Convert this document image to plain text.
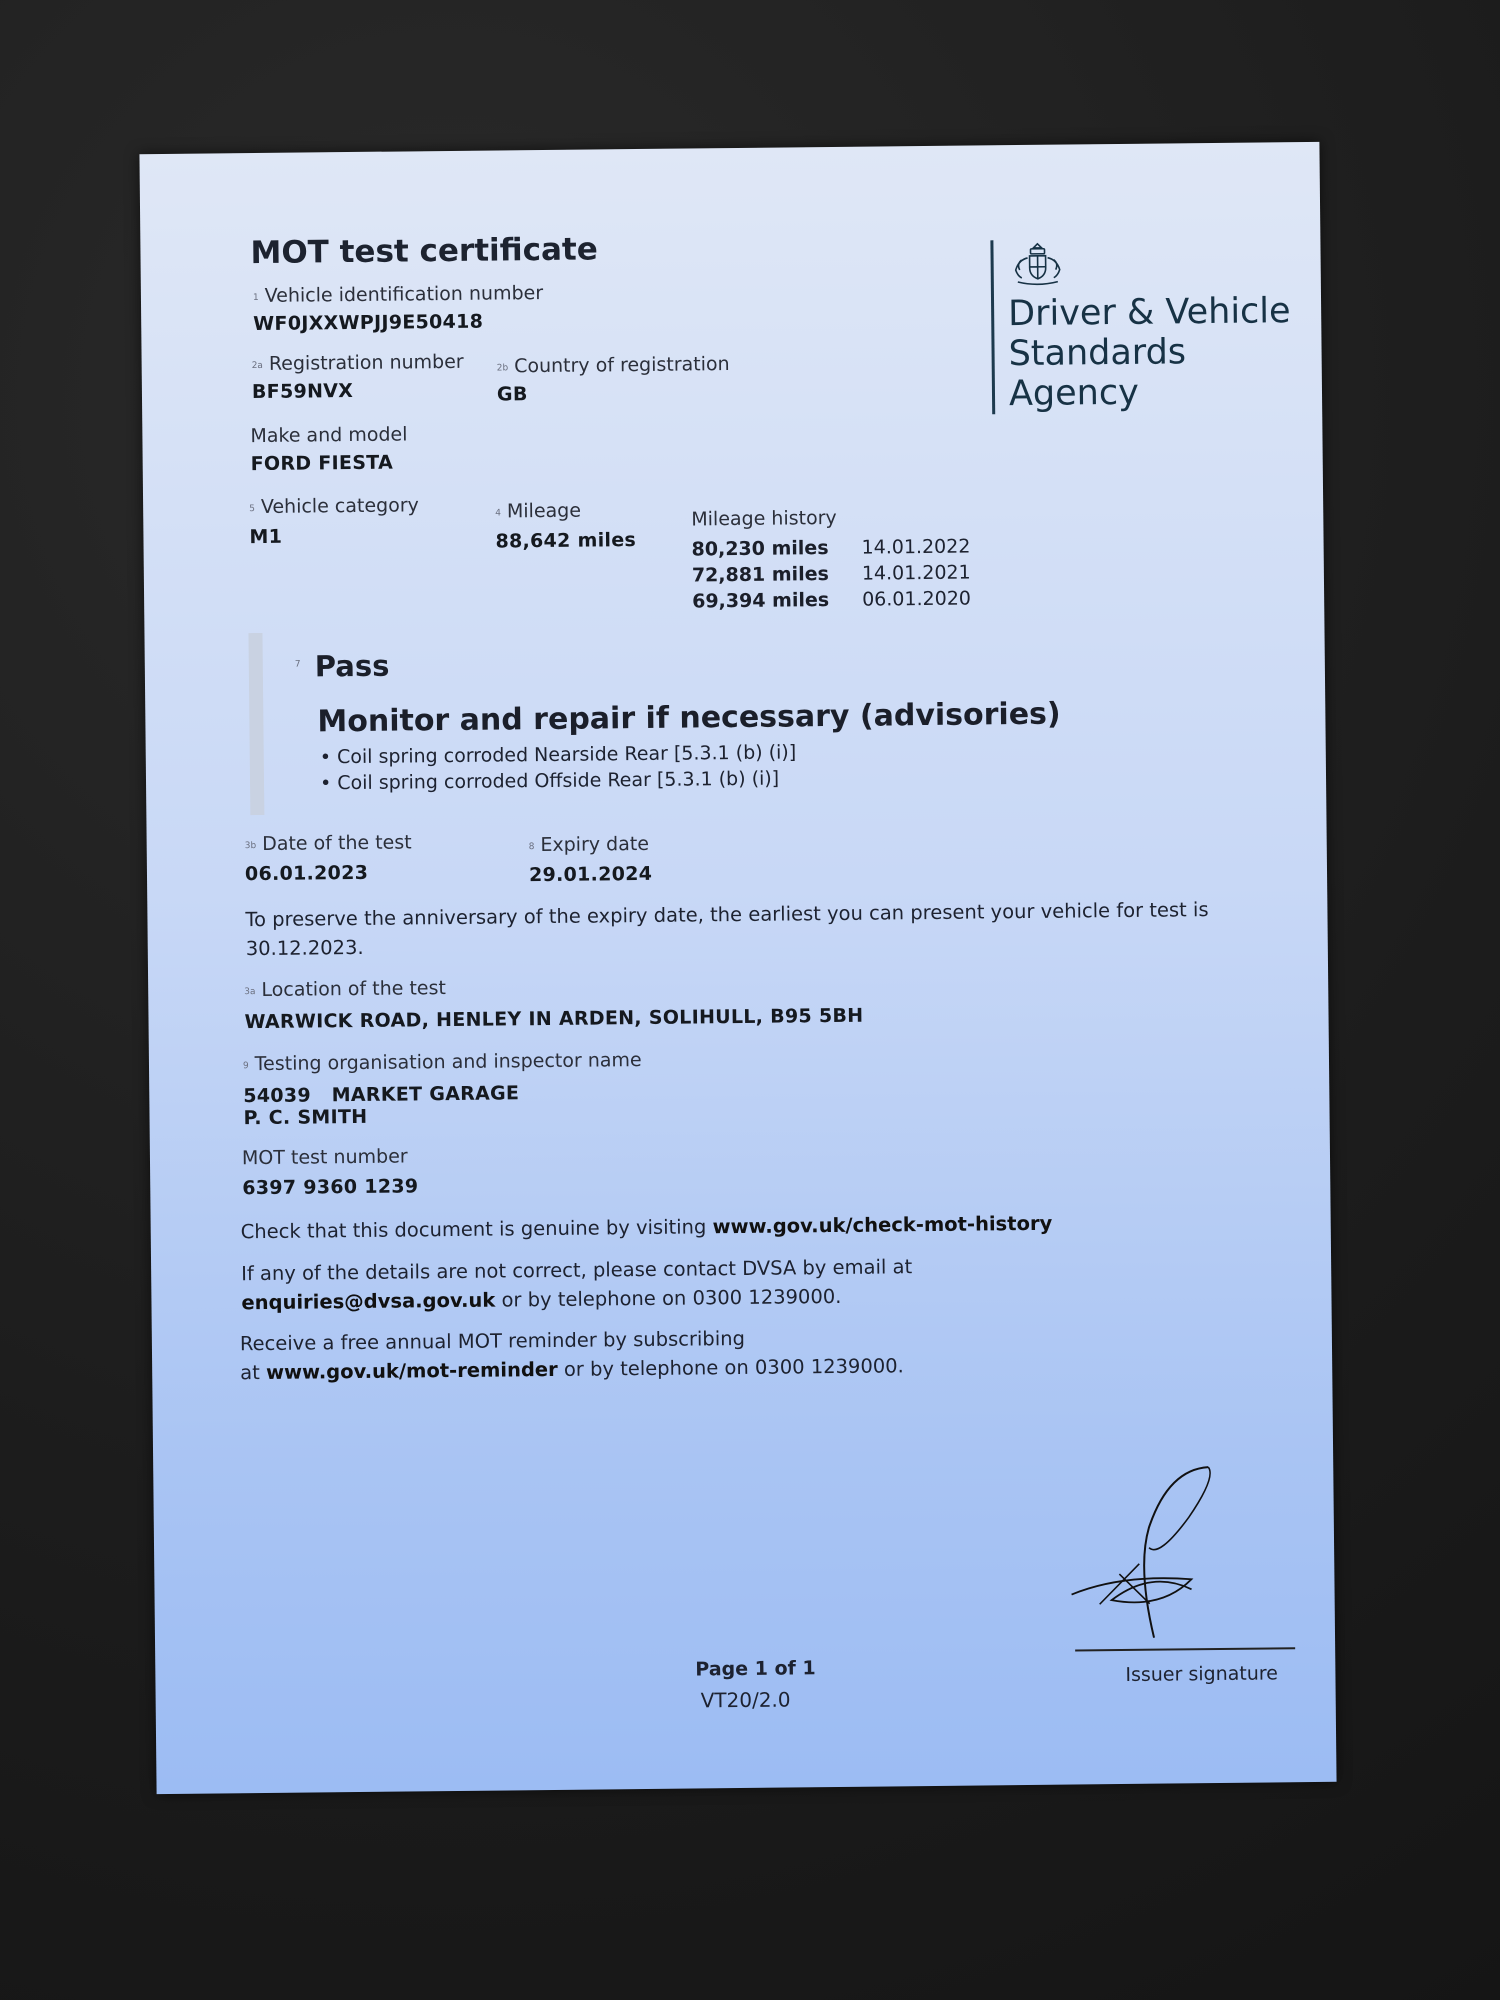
MOT test certificate
1 Vehicle identification number
WF0JXXWPJJ9E50418
2a Registration number
BF59NVX
2b Country of registration
GB
Make and model
FORD FIESTA
5 Vehicle category
M1
4 Mileage
88,642 miles
Mileage history
80,230 miles	14.01.2022
72,881 miles	14.01.2021
69,394 miles	06.01.2020
Driver & Vehicle
Standards
Agency
7 Pass
Monitor and repair if necessary (advisories)
• Coil spring corroded Nearside Rear [5.3.1 (b) (i)]
• Coil spring corroded Offside Rear [5.3.1 (b) (i)]
3b Date of the test
06.01.2023
8 Expiry date
29.01.2024
To preserve the anniversary of the expiry date, the earliest you can present your vehicle for test is
30.12.2023.
3a Location of the test
WARWICK ROAD, HENLEY IN ARDEN, SOLIHULL, B95 5BH
9 Testing organisation and inspector name
54039   MARKET GARAGE
P. C. SMITH
MOT test number
6397 9360 1239
Check that this document is genuine by visiting www.gov.uk/check-mot-history
If any of the details are not correct, please contact DVSA by email at
enquiries@dvsa.gov.uk or by telephone on 0300 1239000.
Receive a free annual MOT reminder by subscribing
at www.gov.uk/mot-reminder or by telephone on 0300 1239000.
Issuer signature
Page 1 of 1
VT20/2.0
